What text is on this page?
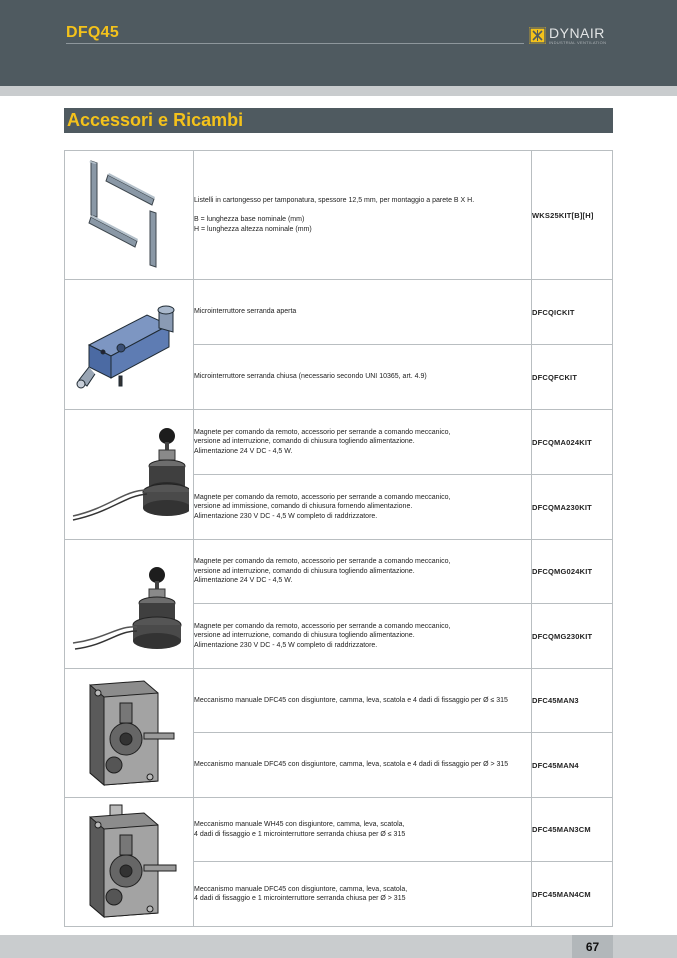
DFQ45	DYNAIR
INDUSTRIAL VENTILATION
Accessori e Ricambi

Listelli in cartongesso per tamponatura, spessore 12,5 mm, per montaggio a parete B X H.
B = lunghezza base nominale (mm)
H = lunghezza altezza nominale (mm)	WKS25KIT[B][H]

Microinterruttore serranda aperta	DFCQICKIT

	Microinterruttore serranda chiusa (necessario secondo UNI 10365, art. 4.9)	DFCQFCKIT

Magnete per comando da remoto, accessorio per serrande a comando meccanico,
versione ad interruzione, comando di chiusura togliendo alimentazione.
Alimentazione 24 V DC - 4,5 W.	DFCQMA024KIT

	Magnete per comando da remoto, accessorio per serrande a comando meccanico,
versione ad immissione, comando di chiusura fornendo alimentazione.
Alimentazione 230 V DC - 4,5 W completo di raddrizzatore.	DFCQMA230KIT

Magnete per comando da remoto, accessorio per serrande a comando meccanico,
versione ad interruzione, comando di chiusura togliendo alimentazione.
Alimentazione 24 V DC - 4,5 W.	DFCQMG024KIT

	Magnete per comando da remoto, accessorio per serrande a comando meccanico,
versione ad interruzione, comando di chiusura togliendo alimentazione.
Alimentazione 230 V DC - 4,5 W completo di raddrizzatore.	DFCQMG230KIT

Meccanismo manuale DFC45 con disgiuntore, camma, leva, scatola e 4 dadi di fissaggio per Ø ≤ 315	DFC45MAN3

	Meccanismo manuale DFC45 con disgiuntore, camma, leva, scatola e 4 dadi di fissaggio per Ø > 315	DFC45MAN4

Meccanismo manuale WH45 con disgiuntore, camma, leva, scatola,
4 dadi di fissaggio e 1 microinterruttore serranda chiusa per Ø ≤ 315	DFC45MAN3CM

	Meccanismo manuale DFC45 con disgiuntore, camma, leva, scatola,
4 dadi di fissaggio e 1 microinterruttore serranda chiusa per Ø > 315	DFC45MAN4CM
67
